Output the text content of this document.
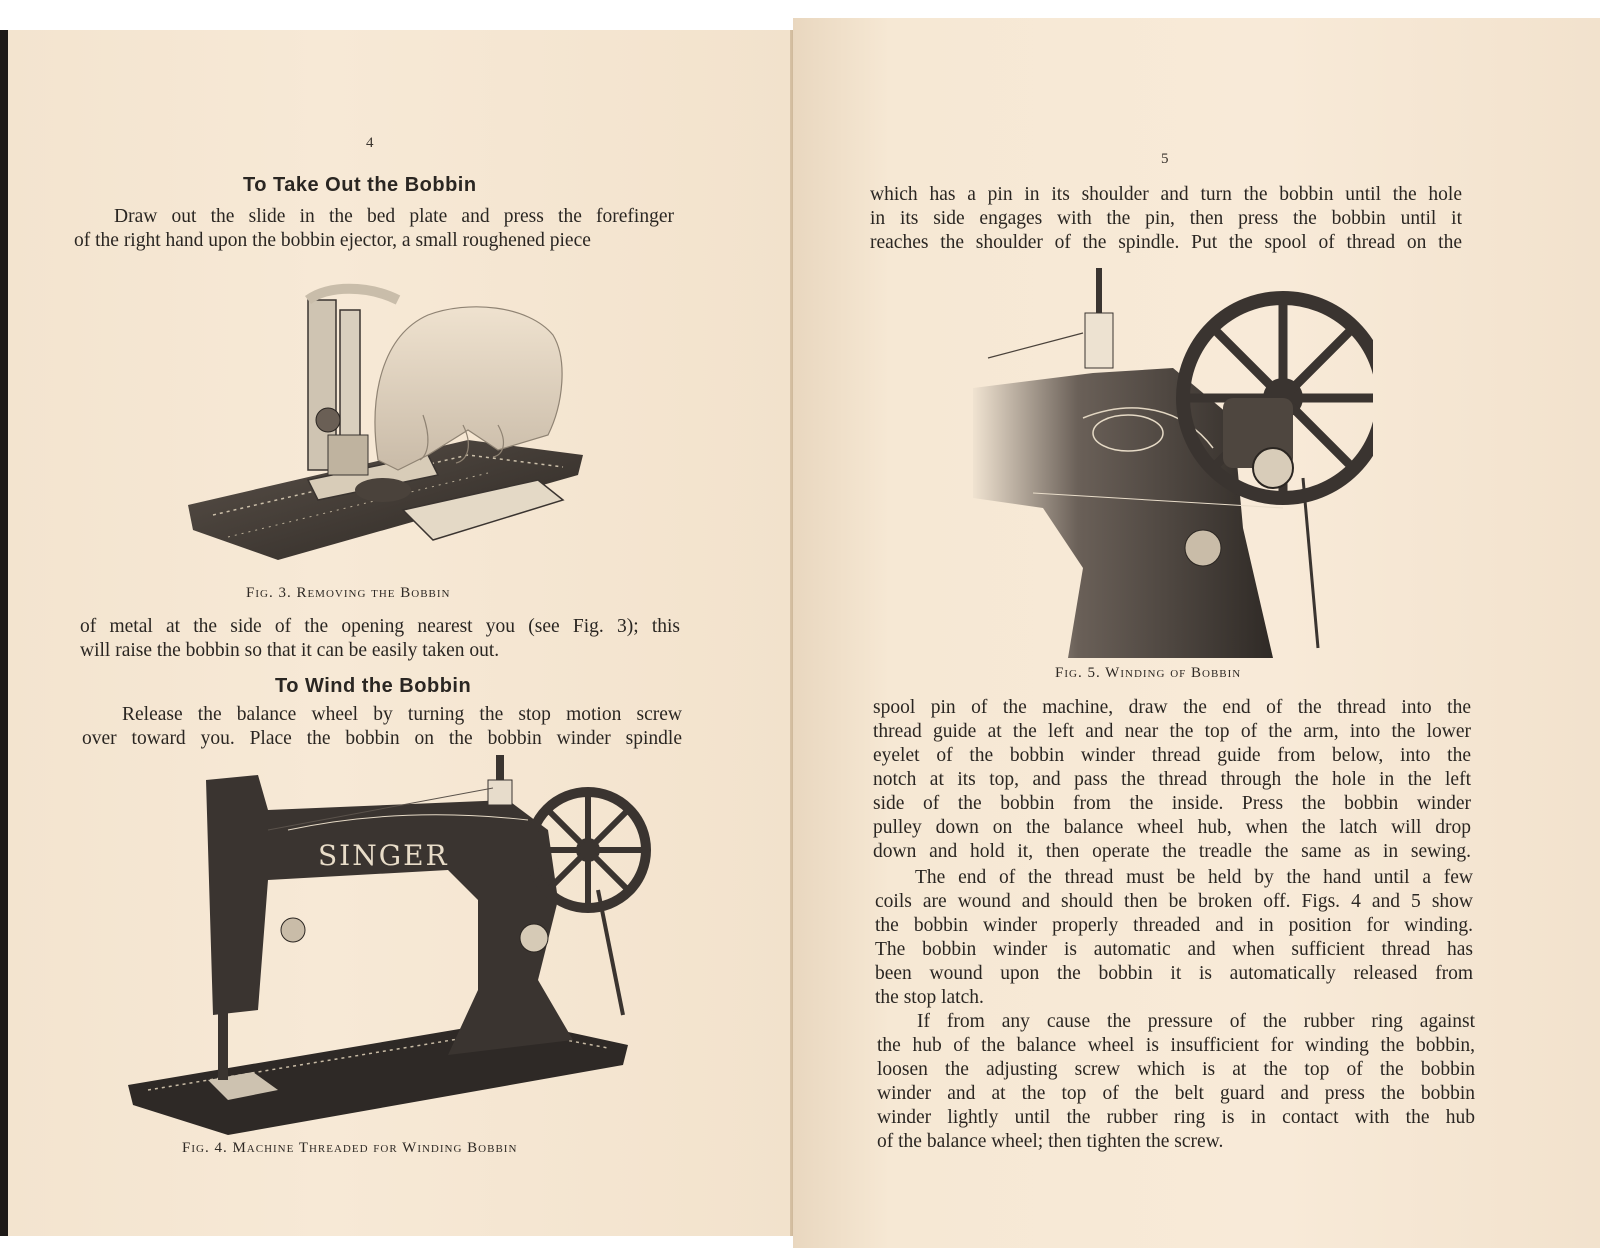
4
To Take Out the Bobbin
Draw out the slide in the bed plate and press the forefinger
of the right hand upon the bobbin ejector, a small roughened piece
Fig. 3. Removing the Bobbin
of metal at the side of the opening nearest you (see Fig. 3); this
will raise the bobbin so that it can be easily taken out.
To Wind the Bobbin
Release the balance wheel by turning the stop motion screw
over toward you. Place the bobbin on the bobbin winder spindle
SINGER
Fig. 4. Machine Threaded for Winding Bobbin
5
which has a pin in its shoulder and turn the bobbin until the hole
in its side engages with the pin, then press the bobbin until it
reaches the shoulder of the spindle. Put the spool of thread on the
Fig. 5. Winding of Bobbin
spool pin of the machine, draw the end of the thread into the
thread guide at the left and near the top of the arm, into the lower
eyelet of the bobbin winder thread guide from below, into the
notch at its top, and pass the thread through the hole in the left
side of the bobbin from the inside. Press the bobbin winder
pulley down on the balance wheel hub, when the latch will drop
down and hold it, then operate the treadle the same as in sewing.
The end of the thread must be held by the hand until a few
coils are wound and should then be broken off. Figs. 4 and 5 show
the bobbin winder properly threaded and in position for winding.
The bobbin winder is automatic and when sufficient thread has
been wound upon the bobbin it is automatically released from
the stop latch.
If from any cause the pressure of the rubber ring against
the hub of the balance wheel is insufficient for winding the bobbin,
loosen the adjusting screw which is at the top of the bobbin
winder and at the top of the belt guard and press the bobbin
winder lightly until the rubber ring is in contact with the hub
of the balance wheel; then tighten the screw.
